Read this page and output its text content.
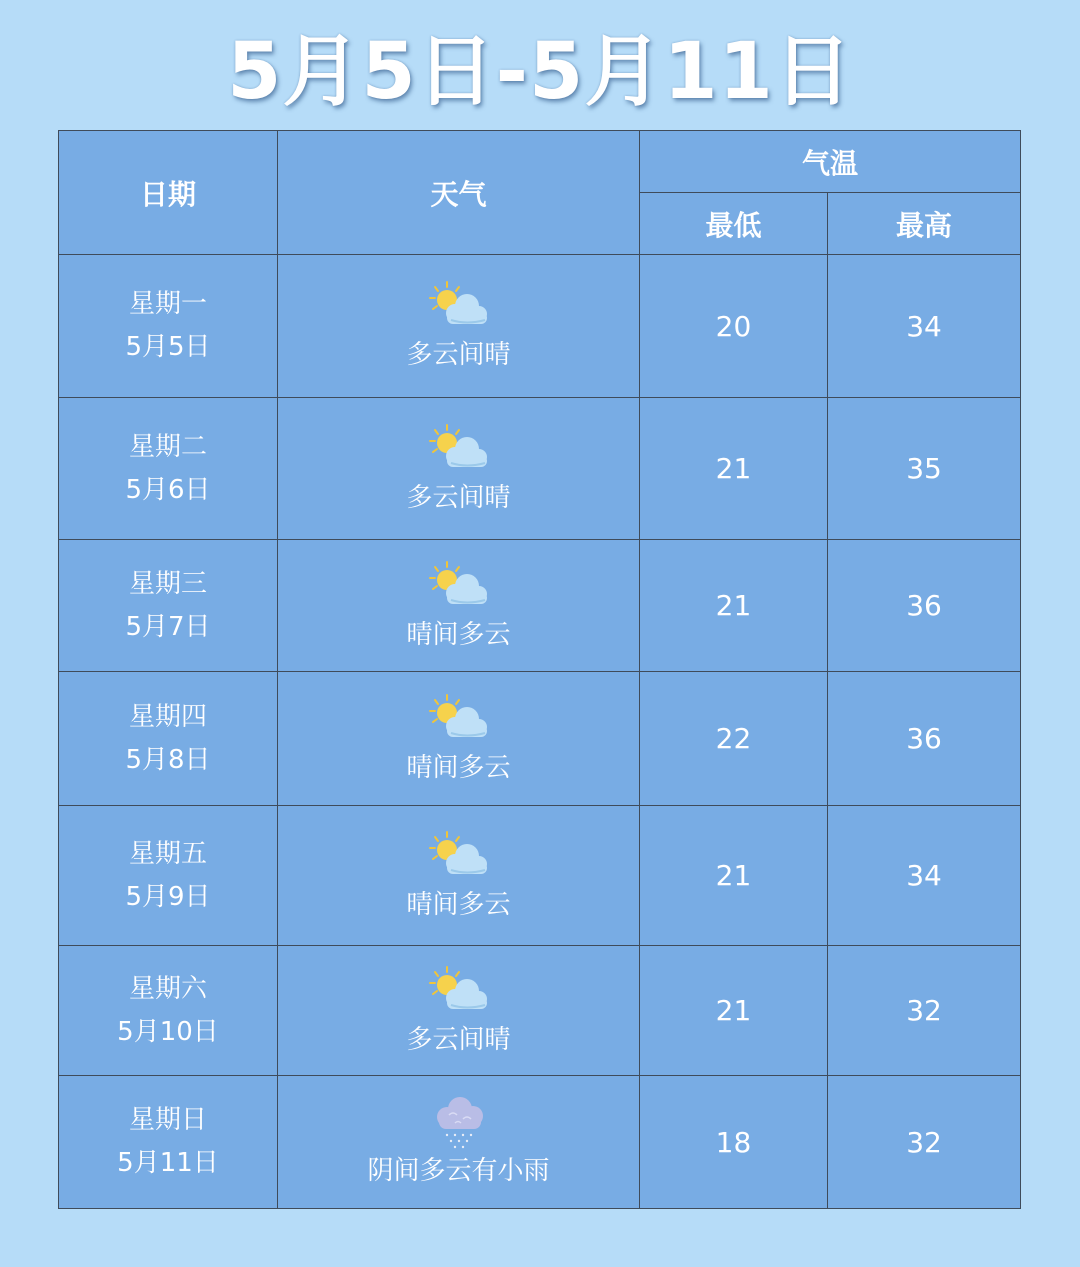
5月5日-5月11日
日期	天气	气温	
		最低	最高

星期一
5月5日	多云间晴	20	34

星期二
5月6日	多云间晴	21	35

星期三
5月7日	晴间多云	21	36

星期四
5月8日	晴间多云	22	36

星期五
5月9日	晴间多云	21	34

星期六
5月10日	多云间晴	21	32

星期日
5月11日	阴间多云有小雨	18	32
